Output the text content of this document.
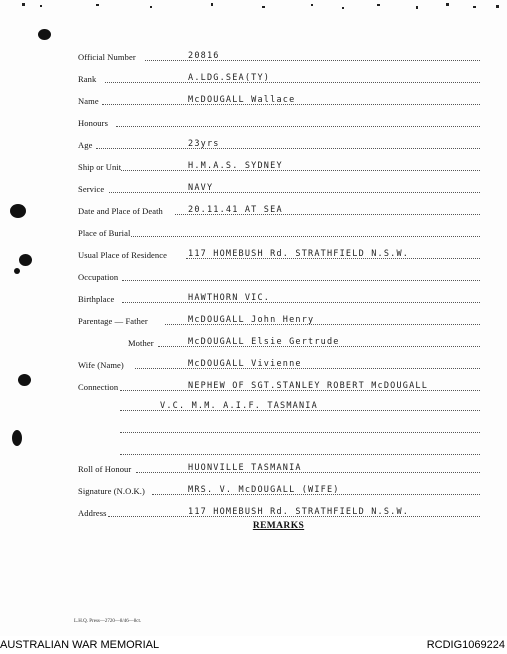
Official Number	20816
Rank	A.LDG.SEA(TY)
Name	McDOUGALL Wallace
Honours
Age	23yrs
Ship or Unit	H.M.A.S. SYDNEY
Service	NAVY
Date and Place of Death	20.11.41 AT SEA
Place of Burial
Usual Place of Residence 117 HOMEBUSH Rd. STRATHFIELD N.S.W.
Occupation
Birthplace	HAWTHORN VIC.
Parentage — Father	McDOUGALL John Henry
Mother	McDOUGALL Elsie Gertrude
Wife (Name)	McDOUGALL Vivienne
Connection	NEPHEW OF SGT.STANLEY ROBERT McDOUGALL
V.C. M.M. A.I.F. TASMANIA
Roll of Honour	HUONVILLE TASMANIA
Signature (N.O.K.)	MRS. V. McDOUGALL (WIFE)
Address	117 HOMEBUSH Rd. STRATHFIELD N.S.W.
REMARKS
L.H.Q. Press—2720—8/46—8ct.
AUSTRALIAN WAR MEMORIAL	RCDIG1069224
